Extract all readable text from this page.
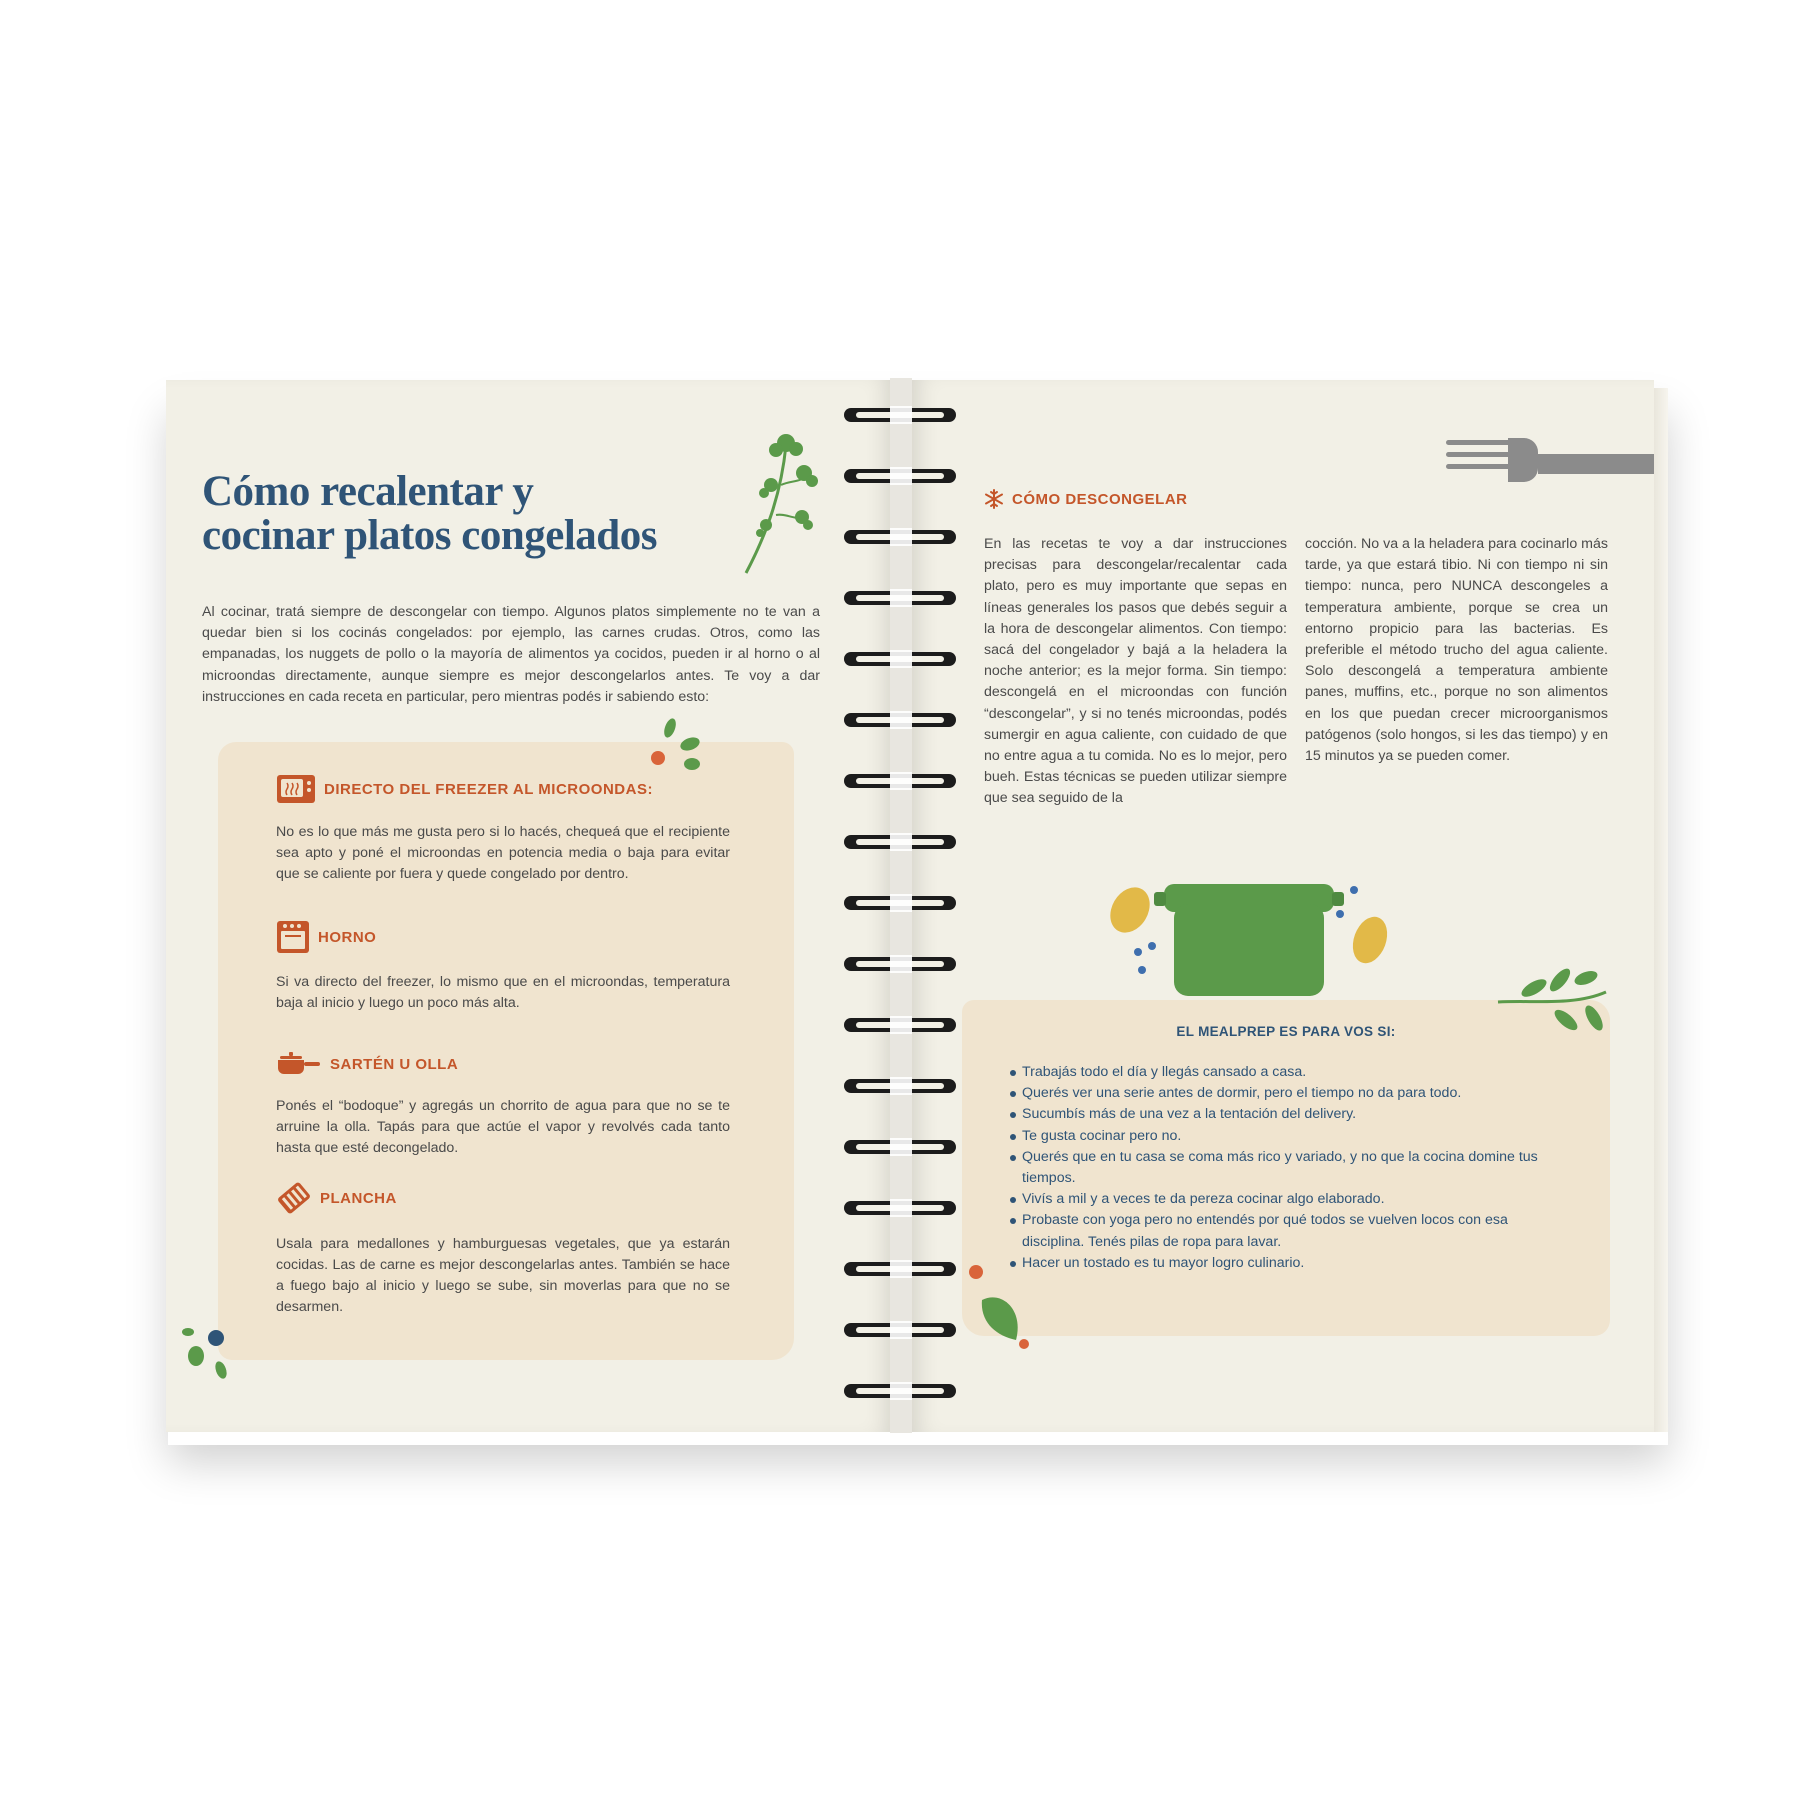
Cómo recalentar y
cocinar platos congelados

Al cocinar, tratá siempre de descongelar con tiempo. Algunos platos simplemente no te van a quedar bien si los cocinás congelados: por ejemplo, las carnes crudas. Otros, como las empanadas, los nuggets de pollo o la mayoría de alimentos ya cocidos, pueden ir al horno o al microondas directamente, aunque siempre es mejor descongelarlos antes. Te voy a dar instrucciones en cada receta en particular, pero mientras podés ir sabiendo esto:

DIRECTO DEL FREEZER AL MICROONDAS:

No es lo que más me gusta pero si lo hacés, chequeá que el recipiente sea apto y poné el microondas en potencia media o baja para evitar que se caliente por fuera y quede congelado por dentro.

HORNO

Si va directo del freezer, lo mismo que en el microondas, temperatura baja al inicio y luego un poco más alta.

SARTÉN U OLLA

Ponés el “bodoque” y agregás un chorrito de agua para que no se te arruine la olla. Tapás para que actúe el vapor y revolvés cada tanto hasta que esté decongelado.

PLANCHA

Usala para medallones y hamburguesas vegetales, que ya estarán cocidas. Las de carne es mejor descongelarlas antes. También se hace a fuego bajo al inicio y luego se sube, sin moverlas para que no se desarmen.

CÓMO DESCONGELAR

En las recetas te voy a dar instrucciones precisas para descongelar/recalentar cada plato, pero es muy importante que sepas en líneas generales los pasos que debés seguir a la hora de descongelar alimentos. Con tiempo: sacá del congelador y bajá a la heladera la noche anterior; es la mejor forma. Sin tiempo: descongelá en el microondas con función “descongelar”, y si no tenés microondas, podés sumergir en agua caliente, con cuidado de que no entre agua a tu comida. No es lo mejor, pero bueh. Estas técnicas se pueden utilizar siempre que sea seguido de la

cocción. No va a la heladera para cocinarlo más tarde, ya que estará tibio. Ni con tiempo ni sin tiempo: nunca, pero NUNCA descongeles a temperatura ambiente, porque se crea un entorno propicio para las bacterias. Es preferible el método trucho del agua caliente. Solo descongelá a temperatura ambiente panes, muffins, etc., porque no son alimentos en los que puedan crecer microorganismos patógenos (solo hongos, si les das tiempo) y en 15 minutos ya se pueden comer.

EL MEALPREP ES PARA VOS SI:
Trabajás todo el día y llegás cansado a casa.
Querés ver una serie antes de dormir, pero el tiempo no da para todo.
Sucumbís más de una vez a la tentación del delivery.
Te gusta cocinar pero no.
Querés que en tu casa se coma más rico y variado, y no que la cocina domine tus tiempos.
Vivís a mil y a veces te da pereza cocinar algo elaborado.
Probaste con yoga pero no entendés por qué todos se vuelven locos con esa disciplina. Tenés pilas de ropa para lavar.
Hacer un tostado es tu mayor logro culinario.
